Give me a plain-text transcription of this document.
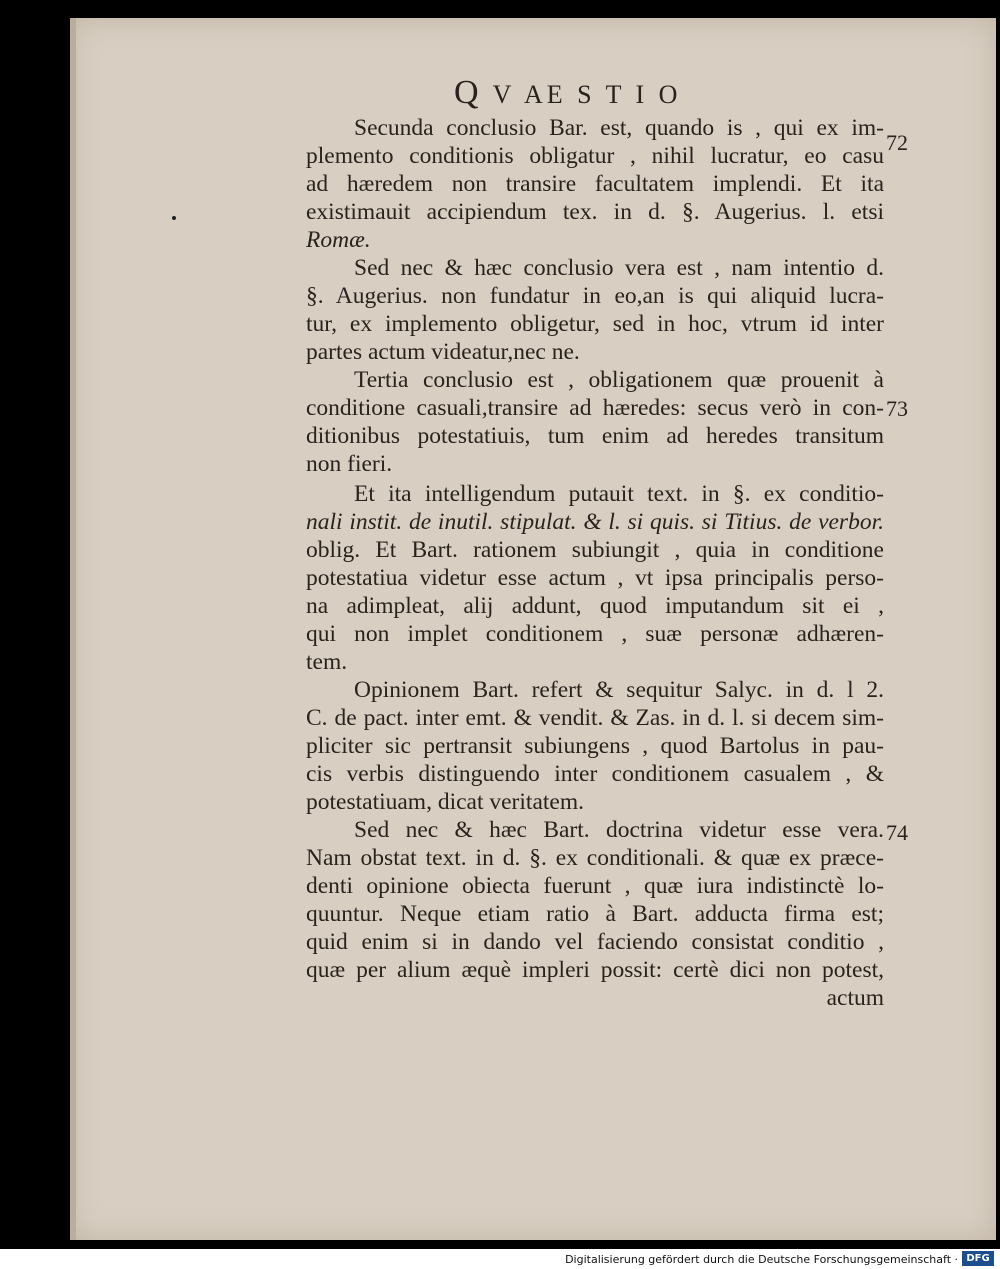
Q V AE S T I O

Secunda conclusio Bar. est, quando is , qui ex im-
plemento conditionis obligatur , nihil lucratur, eo casu
ad hæredem non transire facultatem implendi. Et ita
existimauit accipiendum tex. in d. §. Augerius. l. etsi
Romæ.

Sed nec & hæc conclusio vera est , nam intentio d.
§. Augerius. non fundatur in eo,an is qui aliquid lucra-
tur, ex implemento obligetur, sed in hoc, vtrum id inter
partes actum videatur,nec ne.

Tertia conclusio est , obligationem quæ prouenit à
conditione casuali,transire ad hæredes: secus verò in con-
ditionibus potestatiuis, tum enim ad heredes transitum
non fieri.

Et ita intelligendum putauit text. in §. ex conditio-
nali instit. de inutil. stipulat. & l. si quis. si Titius. de verbor.
oblig. Et Bart. rationem subiungit , quia in conditione
potestatiua videtur esse actum , vt ipsa principalis perso-
na adimpleat, alij addunt, quod imputandum sit ei ,
qui non implet conditionem , suæ personæ adhæren-
tem.

Opinionem Bart. refert & sequitur Salyc. in d. l 2.
C. de pact. inter emt. & vendit. & Zas. in d. l. si decem sim-
pliciter sic pertransit subiungens , quod Bartolus in pau-
cis verbis distinguendo inter conditionem casualem , &
potestatiuam, dicat veritatem.

Sed nec & hæc Bart. doctrina videtur esse vera.
Nam obstat text. in d. §. ex conditionali. & quæ ex præce-
denti opinione obiecta fuerunt , quæ iura indistinctè lo-
quuntur. Neque etiam ratio à Bart. adducta firma est;
quid enim si in dando vel faciendo consistat conditio ,
quæ per alium æquè impleri possit: certè dici non potest,
actum

72
73
74
Digitalisierung gefördert durch die Deutsche Forschungsgemeinschaft · DFG
